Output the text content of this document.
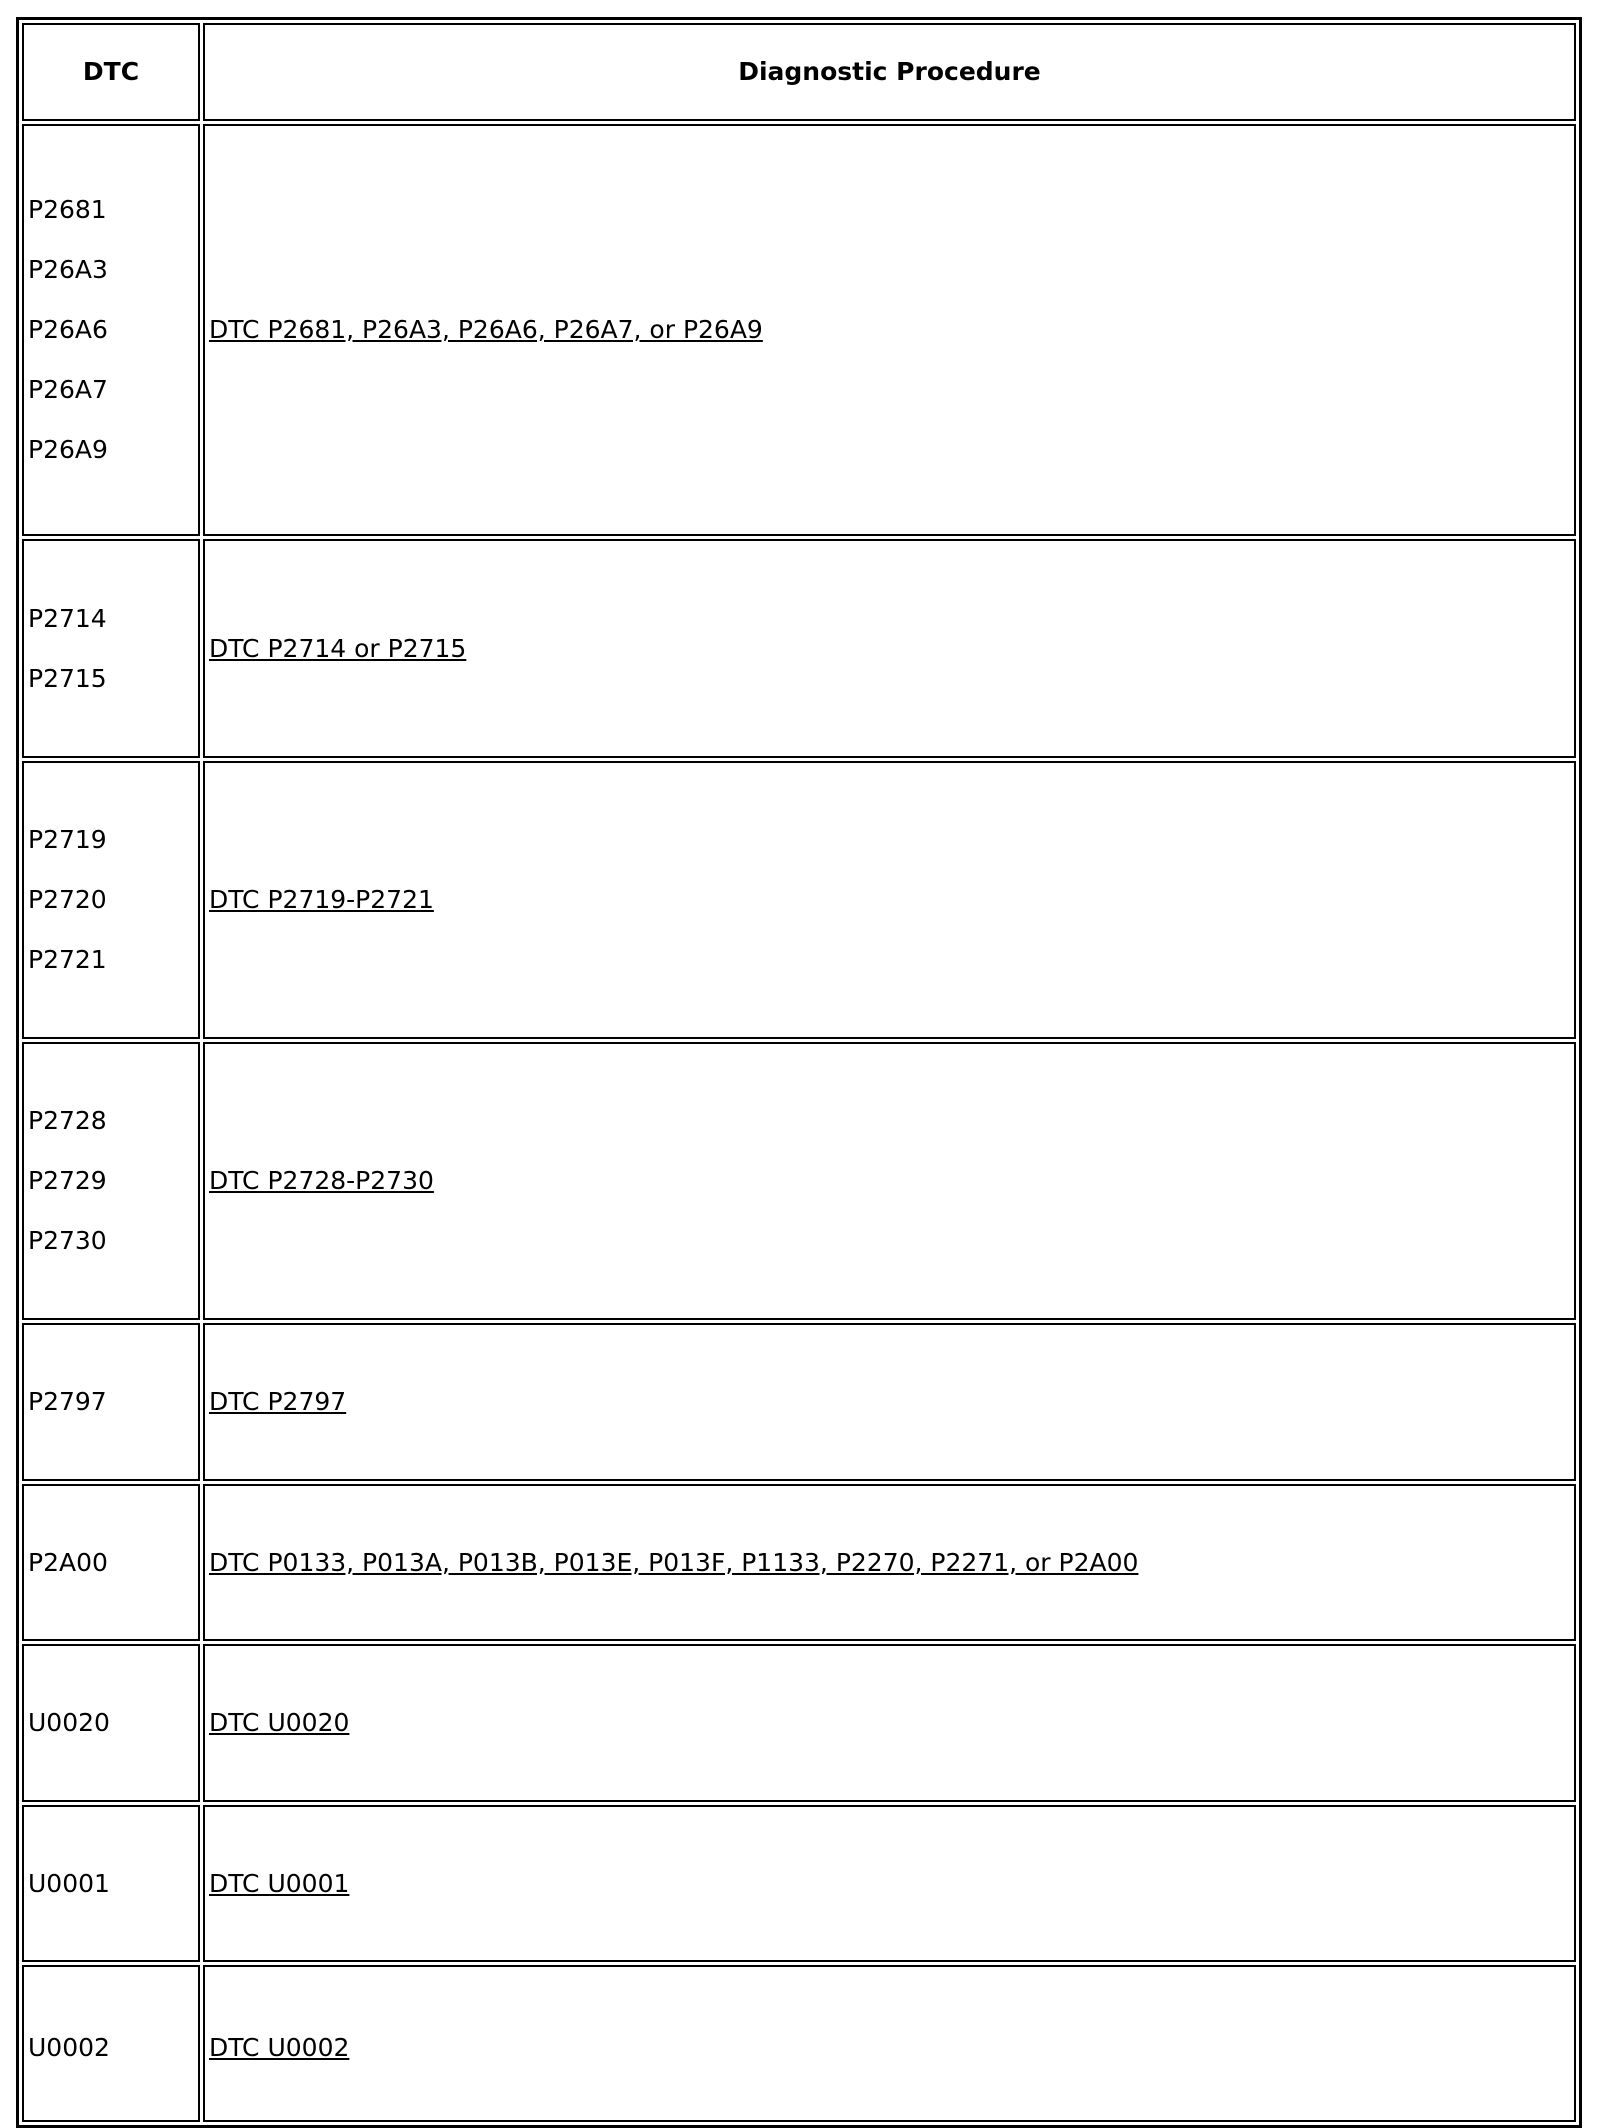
DTC	Diagnostic Procedure

P2681
P26A3
P26A6
P26A7
P26A9	DTC P2681, P26A3, P26A6, P26A7, or P26A9

P2714
P2715	DTC P2714 or P2715

P2719
P2720
P2721	DTC P2719-P2721

P2728
P2729
P2730	DTC P2728-P2730

P2797	DTC P2797

P2A00	DTC P0133, P013A, P013B, P013E, P013F, P1133, P2270, P2271, or P2A00

U0020	DTC U0020

U0001	DTC U0001

U0002	DTC U0002
